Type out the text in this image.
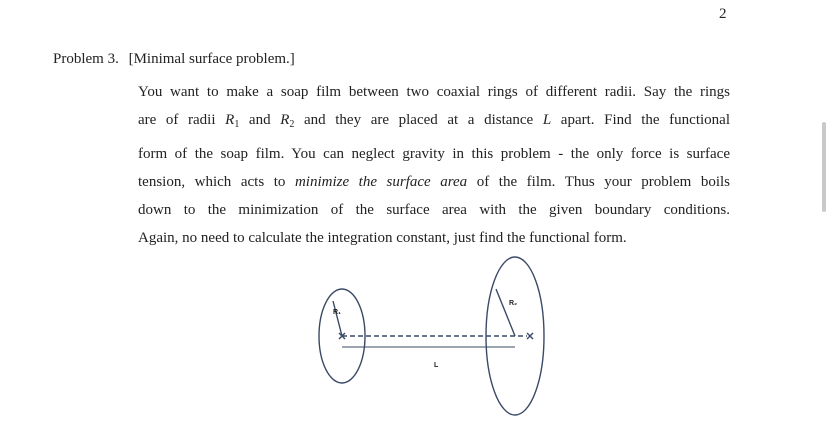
2
Problem 3. [Minimal surface problem.]
You want to make a soap film between two coaxial rings of different radii. Say the rings
are of radii $R_1$ and $R_2$ and they are placed at a distance L apart. Find the functional
form of the soap film. You can neglect gravity in this problem - the only force is surface
tension, which acts to minimize the surface area of the film. Thus your problem boils
down to the minimization of the surface area with the given boundary conditions.
Again, no need to calculate the integration constant, just find the functional form.
R₁
R₂
L
